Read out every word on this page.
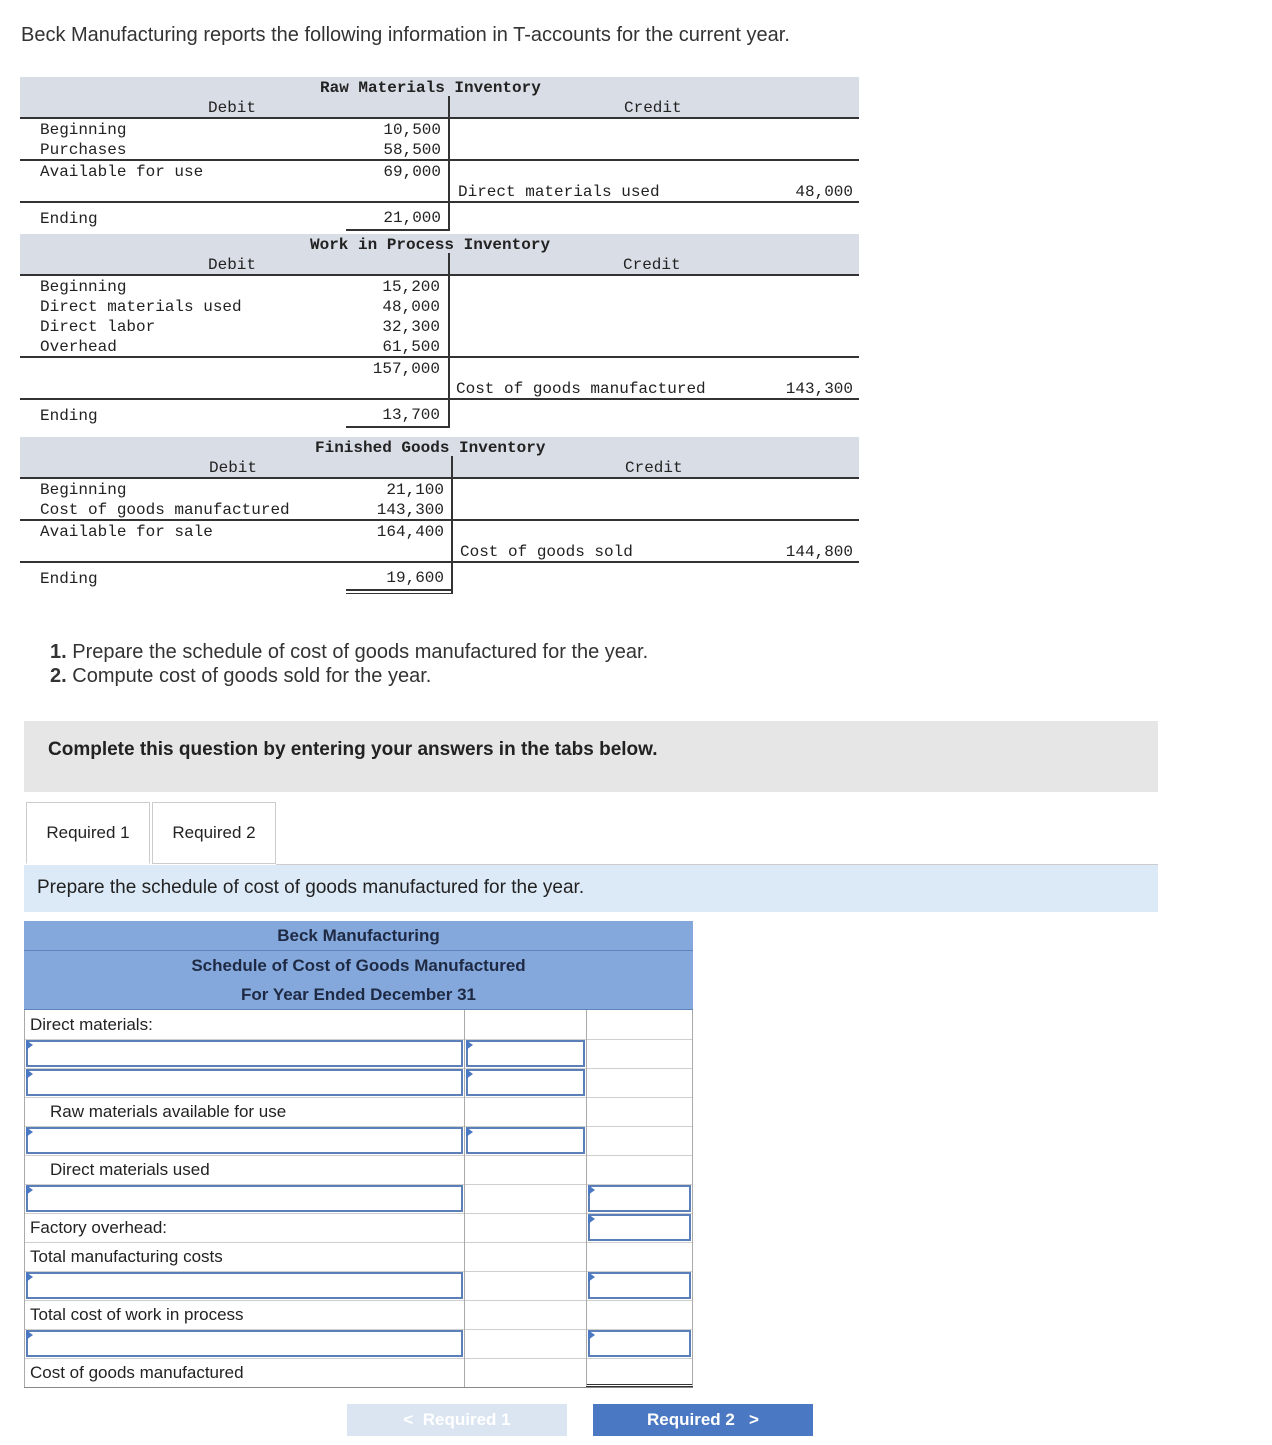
Beck Manufacturing reports the following information in T-accounts for the current year.
Raw Materials Inventory
Debit	Credit
Beginning	10,500
Purchases	58,500
Available for use	69,000
Direct materials used	48,000
Ending	21,000
Work in Process Inventory
Debit	Credit
Beginning	15,200
Direct materials used	48,000
Direct labor	32,300
Overhead	61,500
157,000
Cost of goods manufactured	143,300
Ending	13,700
Finished Goods Inventory
Debit	Credit
Beginning	21,100
Cost of goods manufactured	143,300
Available for sale	164,400
Cost of goods sold	144,800
Ending	19,600
1. Prepare the schedule of cost of goods manufactured for the year.
2. Compute cost of goods sold for the year.
Complete this question by entering your answers in the tabs below.
Required 1	Required 2
Prepare the schedule of cost of goods manufactured for the year.
Beck Manufacturing
Schedule of Cost of Goods Manufactured
For Year Ended December 31
Direct materials:
Raw materials available for use
Direct materials used
Factory overhead:
Total manufacturing costs
Total cost of work in process
Cost of goods manufactured
< Required 1	Required 2 >
